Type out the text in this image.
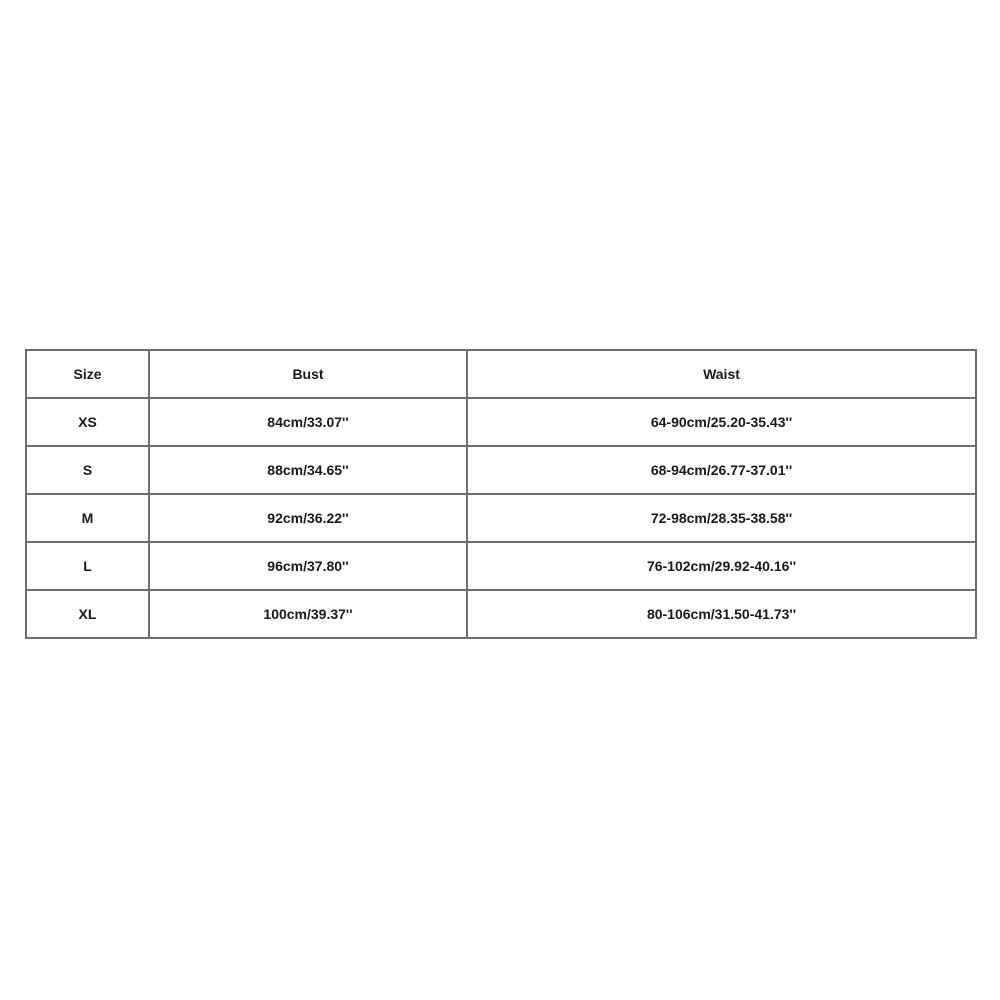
Size	Bust	Waist
XS	84cm/33.07''	64-90cm/25.20-35.43''
S	88cm/34.65''	68-94cm/26.77-37.01''
M	92cm/36.22''	72-98cm/28.35-38.58''
L	96cm/37.80''	76-102cm/29.92-40.16''
XL	100cm/39.37''	80-106cm/31.50-41.73''
